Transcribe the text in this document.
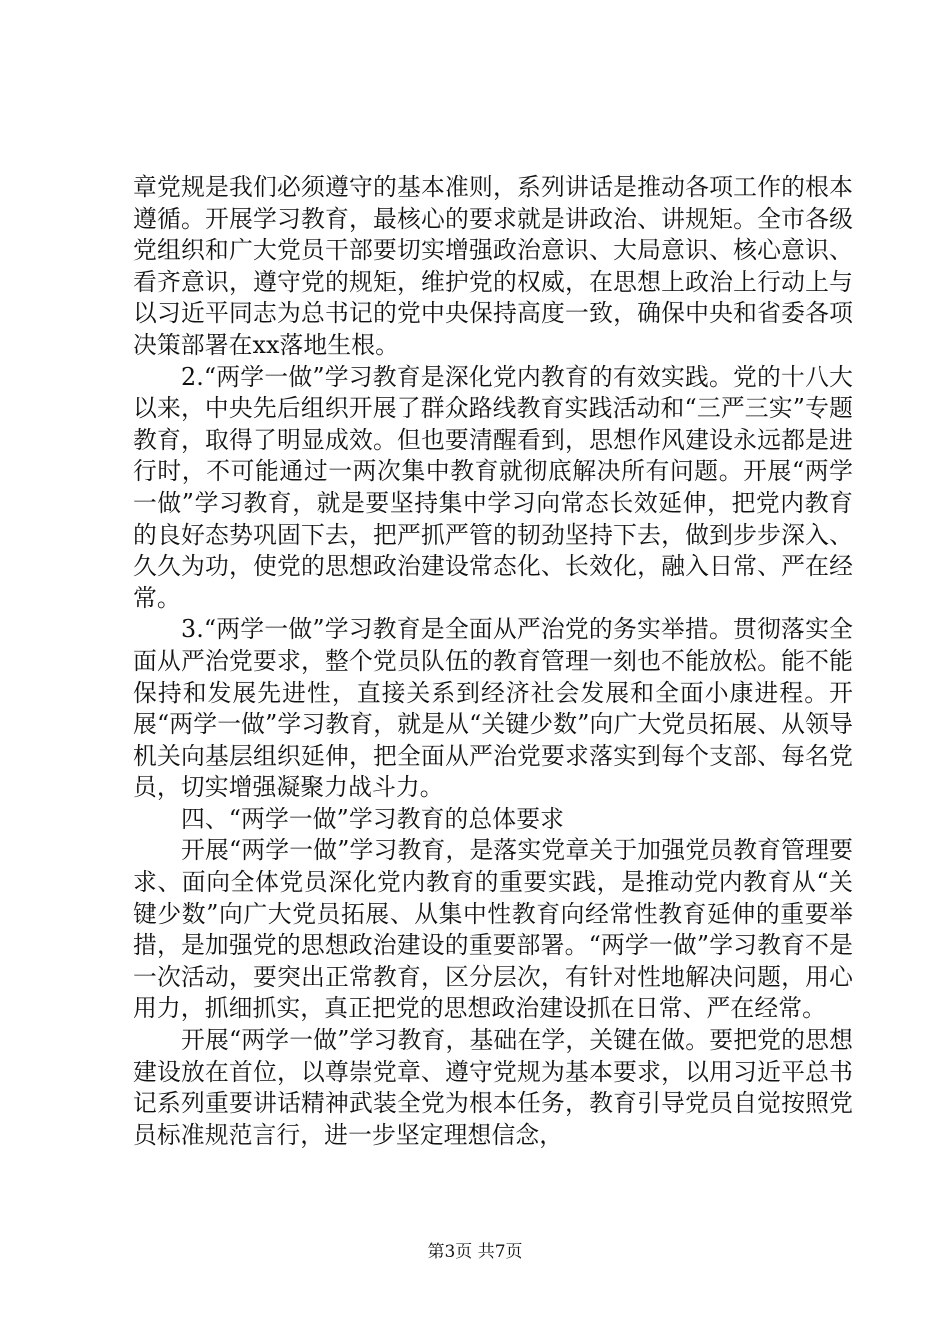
章党规是我们必须遵守的基本准则，系列讲话是推动各项工作的根本遵循。开展学习教育，最核心的要求就是讲政治、讲规矩。全市各级党组织和广大党员干部要切实增强政治意识、大局意识、核心意识、看齐意识，遵守党的规矩，维护党的权威，在思想上政治上行动上与以习近平同志为总书记的党中央保持高度一致，确保中央和省委各项决策部署在xx落地生根。

2.“两学一做”学习教育是深化党内教育的有效实践。党的十八大以来，中央先后组织开展了群众路线教育实践活动和“三严三实”专题教育，取得了明显成效。但也要清醒看到，思想作风建设永远都是进行时，不可能通过一两次集中教育就彻底解决所有问题。开展“两学一做”学习教育，就是要坚持集中学习向常态长效延伸，把党内教育的良好态势巩固下去，把严抓严管的韧劲坚持下去，做到步步深入、久久为功，使党的思想政治建设常态化、长效化，融入日常、严在经常。

3.“两学一做”学习教育是全面从严治党的务实举措。贯彻落实全面从严治党要求，整个党员队伍的教育管理一刻也不能放松。能不能保持和发展先进性，直接关系到经济社会发展和全面小康进程。开展“两学一做”学习教育，就是从“关键少数”向广大党员拓展、从领导机关向基层组织延伸，把全面从严治党要求落实到每个支部、每名党员，切实增强凝聚力战斗力。

四、“两学一做”学习教育的总体要求

开展“两学一做”学习教育，是落实党章关于加强党员教育管理要求、面向全体党员深化党内教育的重要实践，是推动党内教育从“关键少数”向广大党员拓展、从集中性教育向经常性教育延伸的重要举措，是加强党的思想政治建设的重要部署。“两学一做”学习教育不是一次活动，要突出正常教育，区分层次，有针对性地解决问题，用心用力，抓细抓实，真正把党的思想政治建设抓在日常、严在经常。

开展“两学一做”学习教育，基础在学，关键在做。要把党的思想建设放在首位，以尊崇党章、遵守党规为基本要求，以用习近平总书记系列重要讲话精神武装全党为根本任务，教育引导党员自觉按照党员标准规范言行，进一步坚定理想信念，

第3页 共7页
